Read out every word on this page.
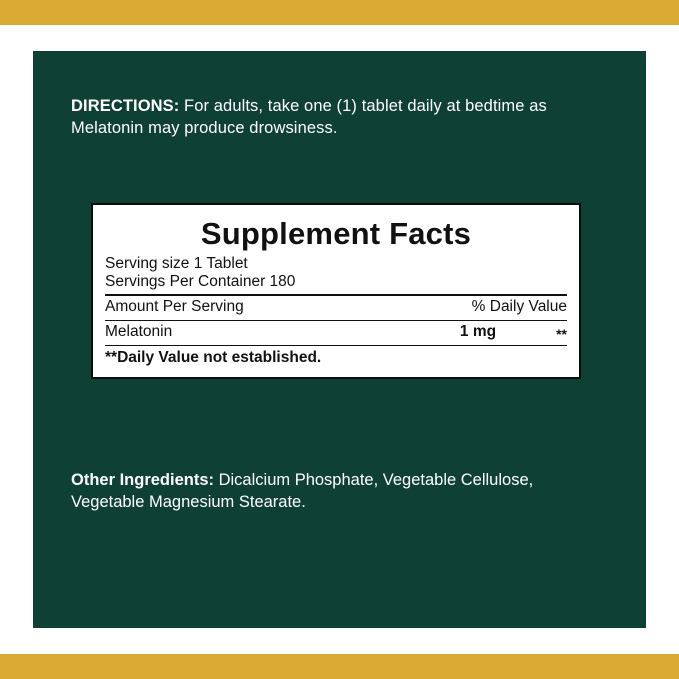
DIRECTIONS: For adults, take one (1) tablet daily at bedtime as Melatonin may produce drowsiness.
Supplement Facts
Serving size 1 Tablet
Servings Per Container 180
Amount Per Serving	% Daily Value
Melatonin	1 mg	**
**Daily Value not established.
Other Ingredients: Dicalcium Phosphate, Vegetable Cellulose, Vegetable Magnesium Stearate.
